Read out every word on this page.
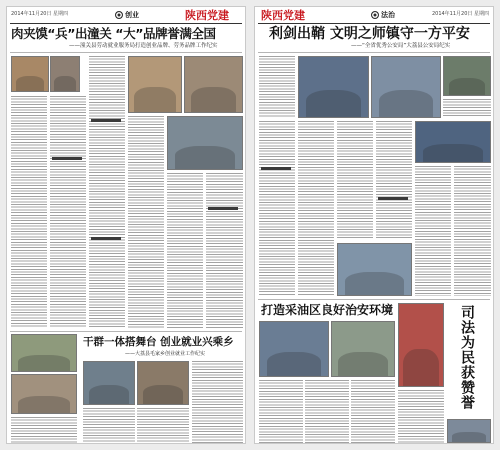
2014年11月20日 星期四	创业	陕西党建
肉夹馍“兵”出潼关 “大”品牌誉满全国
——潼关县劳动就业服务局打造创业品牌、劳务品牌工作纪实
干群一体搭舞台 创业就业兴乘乡
——大荔县毛家乡创业就业工作纪实
陕西党建	法治	2014年11月20日 星期四
利剑出鞘 文明之师镇守一方平安
——“全省优秀公安局”大荔县公安局纪实
打造采油区良好治安环境	司法为民获赞誉
